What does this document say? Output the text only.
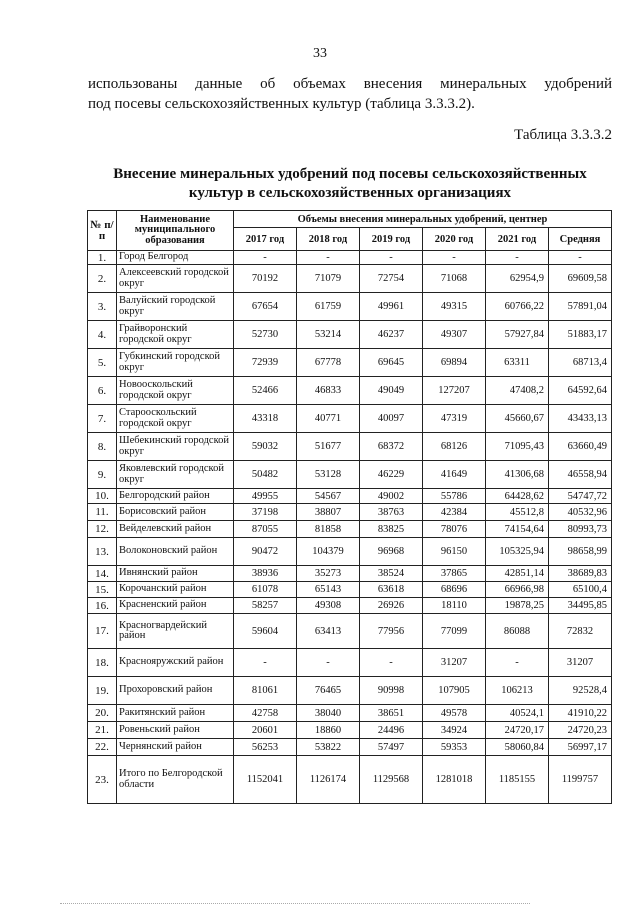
33
использованы данные об объемах внесения минеральных удобрений
под посевы сельскохозяйственных культур (таблица 3.3.3.2).
Таблица 3.3.3.2
Внесение минеральных удобрений под посевы сельскохозяйственных
культур в сельскохозяйственных организациях
№ п/п	Наименование муниципального образования	Объемы внесения минеральных удобрений, центнер					
		2017 год	2018 год	2019 год	2020 год	2021 год	Средняя
1.	Город Белгород	-	-	-	-	-	-
2.	Алексеевский городской округ	70192	71079	72754	71068	62954,9	69609,58
3.	Валуйский городской округ	67654	61759	49961	49315	60766,22	57891,04
4.	Грайворонский городской округ	52730	53214	46237	49307	57927,84	51883,17
5.	Губкинский городской округ	72939	67778	69645	69894	63311	68713,4
6.	Новооскольский городской округ	52466	46833	49049	127207	47408,2	64592,64
7.	Старооскольский городской округ	43318	40771	40097	47319	45660,67	43433,13
8.	Шебекинский городской округ	59032	51677	68372	68126	71095,43	63660,49
9.	Яковлевский городской округ	50482	53128	46229	41649	41306,68	46558,94
10.	Белгородский район	49955	54567	49002	55786	64428,62	54747,72
11.	Борисовский район	37198	38807	38763	42384	45512,8	40532,96
12.	Вейделевский район	87055	81858	83825	78076	74154,64	80993,73
13.	Волоконовский район	90472	104379	96968	96150	105325,94	98658,99
14.	Ивнянский район	38936	35273	38524	37865	42851,14	38689,83
15.	Корочанский район	61078	65143	63618	68696	66966,98	65100,4
16.	Красненский район	58257	49308	26926	18110	19878,25	34495,85
17.	Красногвардейский район	59604	63413	77956	77099	86088	72832
18.	Краснояружский район	-	-	-	31207	-	31207
19.	Прохоровский район	81061	76465	90998	107905	106213	92528,4
20.	Ракитянский район	42758	38040	38651	49578	40524,1	41910,22
21.	Ровеньский район	20601	18860	24496	34924	24720,17	24720,23
22.	Чернянский район	56253	53822	57497	59353	58060,84	56997,17
23.	Итого по Белгородской области	1152041	1126174	1129568	1281018	1185155	1199757
